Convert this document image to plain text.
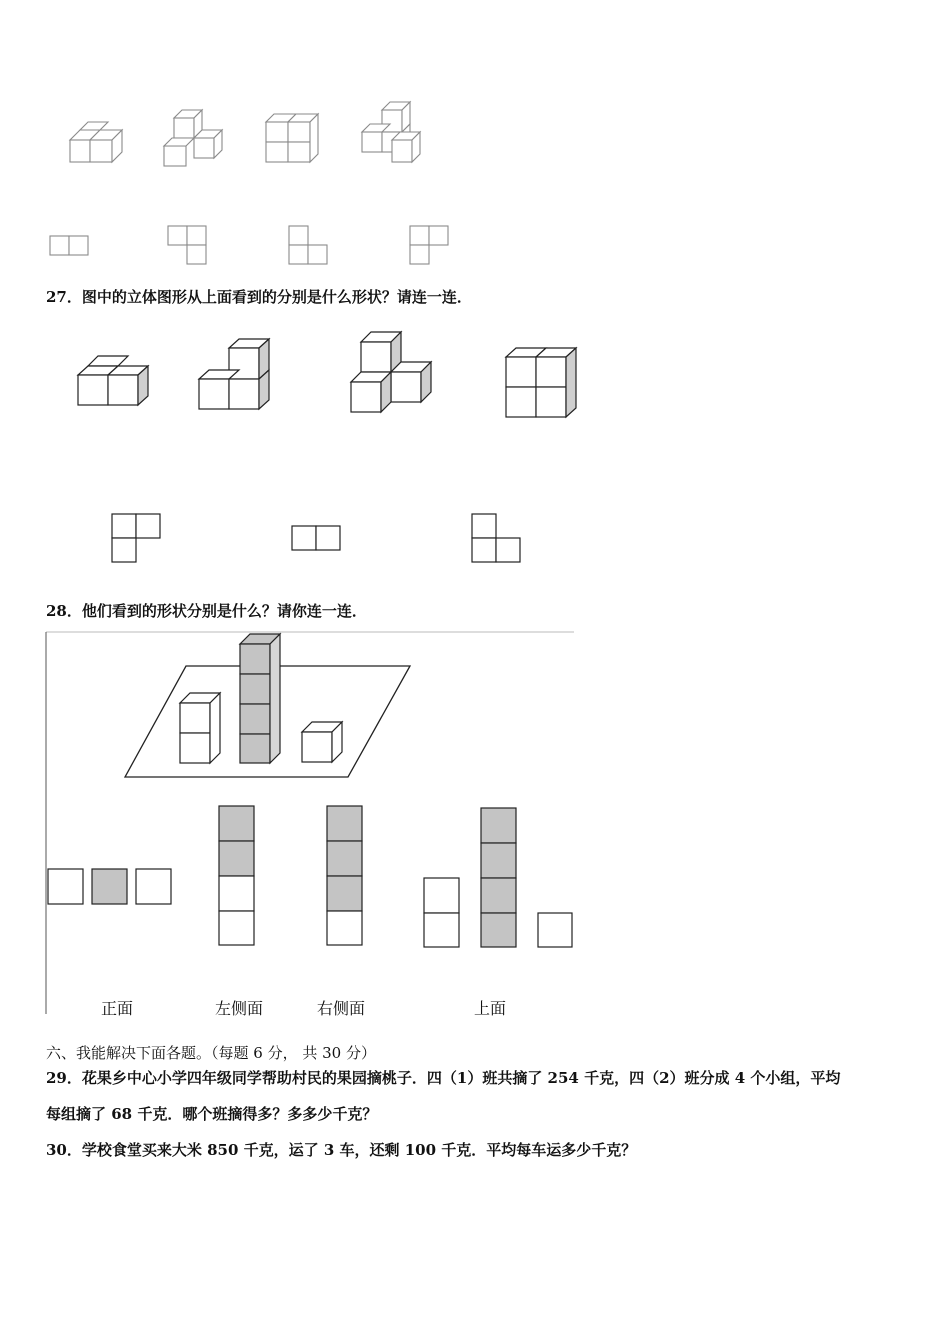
27．图中的立体图形从上面看到的分别是什么形状？请连一连．
28．他们看到的形状分别是什么？请你连一连．
正面	左侧面	右侧面	上面
六、我能解决下面各题。（每题 6 分， 共 30 分）
29．花果乡中心小学四年级同学帮助村民的果园摘桃子．四（1）班共摘了 254 千克，四（2）班分成 4 个小组，平均
每组摘了 68 千克．哪个班摘得多？多多少千克？
30．学校食堂买来大米 850 千克，运了 3 车，还剩 100 千克．平均每车运多少千克？
